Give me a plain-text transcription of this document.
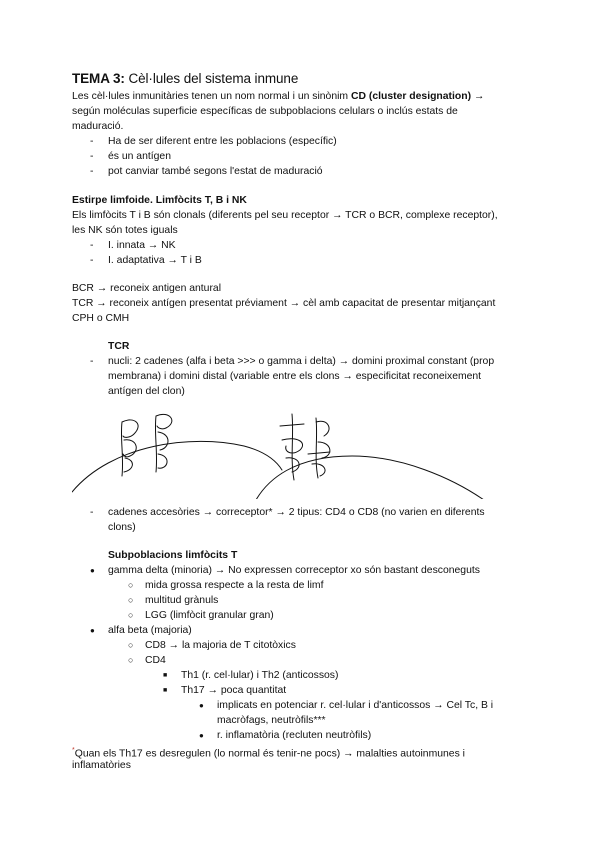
TEMA 3: Cèl·lules del sistema inmune
Les cèl·lules inmunitàries tenen un nom normal i un sinònim CD (cluster designation) →
según moléculas superficie específicas de subpoblacions celulars o inclús estats de
maduració.
- Ha de ser diferent entre les poblacions (específic)
- és un antígen
- pot canviar també segons l'estat de maduració
Estirpe limfoide. Limfòcits T, B i NK
Els limfòcits T i B són clonals (diferents pel seu receptor → TCR o BCR, complexe receptor),
les NK són totes iguals
- I. innata → NK
- I. adaptativa → T i B
BCR → reconeix antigen antural
TCR → reconeix antígen presentat préviament → cèl amb capacitat de presentar mitjançant
CPH o CMH
TCR
- nucli: 2 cadenes (alfa i beta >>> o gamma i delta) → domini proximal constant (prop
membrana) i domini distal (variable entre els clons → especificitat reconeixement
antígen del clon)
- cadenes accesòries → correceptor* → 2 tipus: CD4 o CD8 (no varien en diferents
clons)
Subpoblacions limfòcits T
● gamma delta (minoria) → No expressen correceptor xo són bastant desconeguts
○ mida grossa respecte a la resta de limf
○ multitud grànuls
○ LGG (limfòcit granular gran)
● alfa beta (majoria)
○ CD8 → la majoria de T citotòxics
○ CD4
■ Th1 (r. cel·lular) i Th2 (anticossos)
■ Th17 → poca quantitat
● implicats en potenciar r. cel·lular i d'anticossos → Cel Tc, B i
macròfags, neutròfils***
● r. inflamatòria (recluten neutròfils)
*Quan els Th17 es desregulen (lo normal és tenir-ne pocs) → malalties autoinmunes i
inflamatòries
